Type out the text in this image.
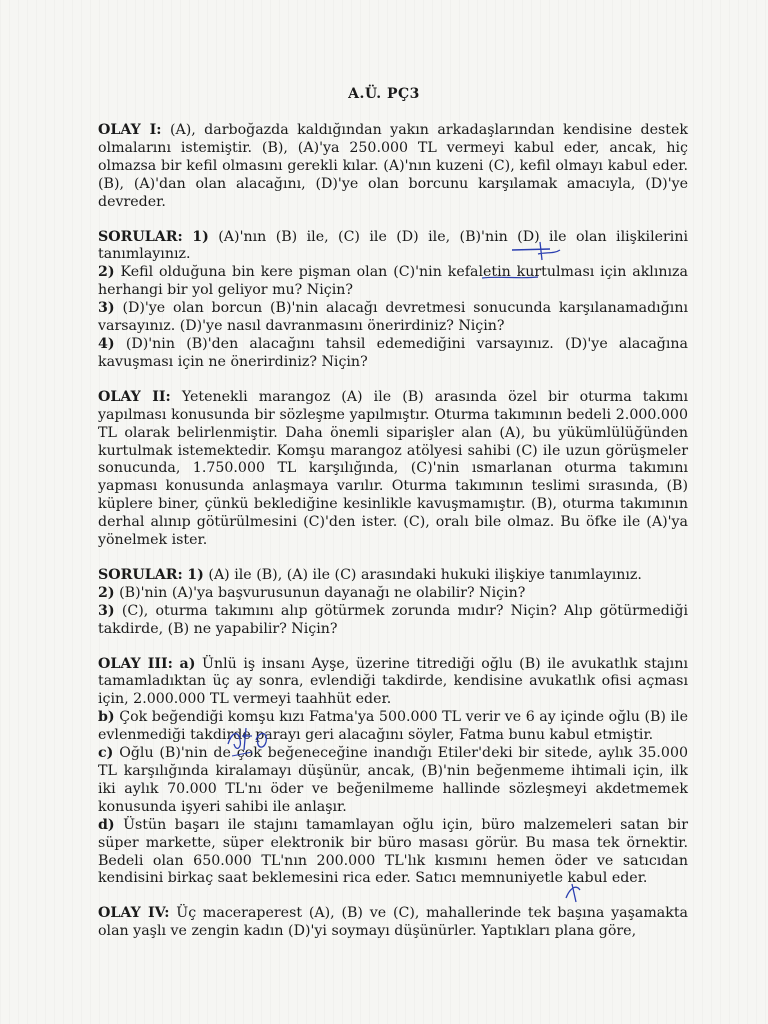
A.Ü. PÇ3

OLAY I: (A), darboğazda kaldığından yakın arkadaşlarından kendisine destek olmalarını istemiştir. (B), (A)'ya 250.000 TL vermeyi kabul eder, ancak, hiç olmazsa bir kefil olmasını gerekli kılar. (A)'nın kuzeni (C), kefil olmayı kabul eder. (B), (A)'dan olan alacağını, (D)'ye olan borcunu karşılamak amacıyla, (D)'ye devreder.

SORULAR: 1) (A)'nın (B) ile, (C) ile (D) ile, (B)'nin (D) ile olan ilişkilerini tanımlayınız.

2) Kefil olduğuna bin kere pişman olan (C)'nin kefaletin kurtulması için aklınıza herhangi bir yol geliyor mu? Niçin?

3) (D)'ye olan borcun (B)'nin alacağı devretmesi sonucunda karşılanamadığını varsayınız. (D)'ye nasıl davranmasını önerirdiniz? Niçin?

4) (D)'nin (B)'den alacağını tahsil edemediğini varsayınız. (D)'ye alacağına kavuşması için ne önerirdiniz? Niçin?

OLAY II: Yetenekli marangoz (A) ile (B) arasında özel bir oturma takımı yapılması konusunda bir sözleşme yapılmıştır. Oturma takımının bedeli 2.000.000 TL olarak belirlenmiştir. Daha önemli siparişler alan (A), bu yükümlülüğünden kurtulmak istemektedir. Komşu marangoz atölyesi sahibi (C) ile uzun görüşmeler sonucunda, 1.750.000 TL karşılığında, (C)'nin ısmarlanan oturma takımını yapması konusunda anlaşmaya varılır. Oturma takımının teslimi sırasında, (B) küplere biner, çünkü beklediğine kesinlikle kavuşmamıştır. (B), oturma takımının derhal alınıp götürülmesini (C)'den ister. (C), oralı bile olmaz. Bu öfke ile (A)'ya yönelmek ister.

SORULAR: 1) (A) ile (B), (A) ile (C) arasındaki hukuki ilişkiye tanımlayınız.

2) (B)'nin (A)'ya başvurusunun dayanağı ne olabilir? Niçin?

3) (C), oturma takımını alıp götürmek zorunda mıdır? Niçin? Alıp götürmediği takdirde, (B) ne yapabilir? Niçin?

OLAY III: a) Ünlü iş insanı Ayşe, üzerine titrediği oğlu (B) ile avukatlık stajını tamamladıktan üç ay sonra, evlendiği takdirde, kendisine avukatlık ofisi açması için, 2.000.000 TL vermeyi taahhüt eder.

b) Çok beğendiği komşu kızı Fatma'ya 500.000 TL verir ve 6 ay içinde oğlu (B) ile evlenmediği takdirde parayı geri alacağını söyler, Fatma bunu kabul etmiştir.

c) Oğlu (B)'nin de çok beğeneceğine inandığı Etiler'deki bir sitede, aylık 35.000 TL karşılığında kiralamayı düşünür, ancak, (B)'nin beğenmeme ihtimali için, ilk iki aylık 70.000 TL'nı öder ve beğenilmeme hallinde sözleşmeyi akdetmemek konusunda işyeri sahibi ile anlaşır.

d) Üstün başarı ile stajını tamamlayan oğlu için, büro malzemeleri satan bir süper markette, süper elektronik bir büro masası görür. Bu masa tek örnektir. Bedeli olan 650.000 TL'nın 200.000 TL'lık kısmını hemen öder ve satıcıdan kendisini birkaç saat beklemesini rica eder. Satıcı memnuniyetle kabul eder.

OLAY IV: Üç maceraperest (A), (B) ve (C), mahallerinde tek başına yaşamakta olan yaşlı ve zengin kadın (D)'yi soymayı düşünürler. Yaptıkları plana göre,
